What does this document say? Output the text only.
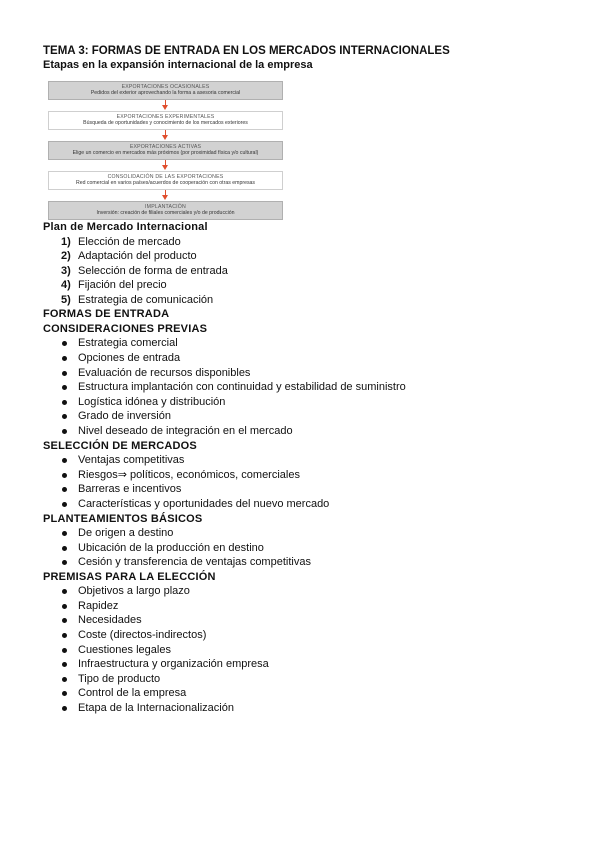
TEMA 3: FORMAS DE ENTRADA EN LOS MERCADOS INTERNACIONALES

Etapas en la expansión internacional de la empresa

EXPORTACIONES OCASIONALES
Pedidos del exterior aprovechando la forma a asesoria comercial
EXPORTACIONES EXPERIMENTALES
Búsqueda de oportunidades y conocimiento de los mercados exteriores
EXPORTACIONES ACTIVAS
Elige un comercio en mercados más próximos (por proximidad física y/o cultural)
CONSOLIDACIÓN DE LAS EXPORTACIONES
Red comercial en varios países/acuerdos de cooperación con otras empresas
IMPLANTACIÓN
Inversión: creación de filiales comerciales y/o de producción
Plan de Mercado Internacional
1) Elección de mercado
2) Adaptación del producto
3) Selección de forma de entrada
4) Fijación del precio
5) Estrategia de comunicación
FORMAS DE ENTRADA
CONSIDERACIONES PREVIAS
Estrategia comercial
Opciones de entrada
Evaluación de recursos disponibles
Estructura implantación con continuidad y estabilidad de suministro
Logística idónea y distribución
Grado de inversión
Nivel deseado de integración en el mercado
SELECCIÓN DE MERCADOS
Ventajas competitivas
Riesgos⇒ políticos, económicos, comerciales
Barreras e incentivos
Características y oportunidades del nuevo mercado
PLANTEAMIENTOS BÁSICOS
De origen a destino
Ubicación de la producción en destino
Cesión y transferencia de ventajas competitivas
PREMISAS PARA LA ELECCIÓN
Objetivos a largo plazo
Rapidez
Necesidades
Coste (directos-indirectos)
Cuestiones legales
Infraestructura y organización empresa
Tipo de producto
Control de la empresa
Etapa de la Internacionalización
